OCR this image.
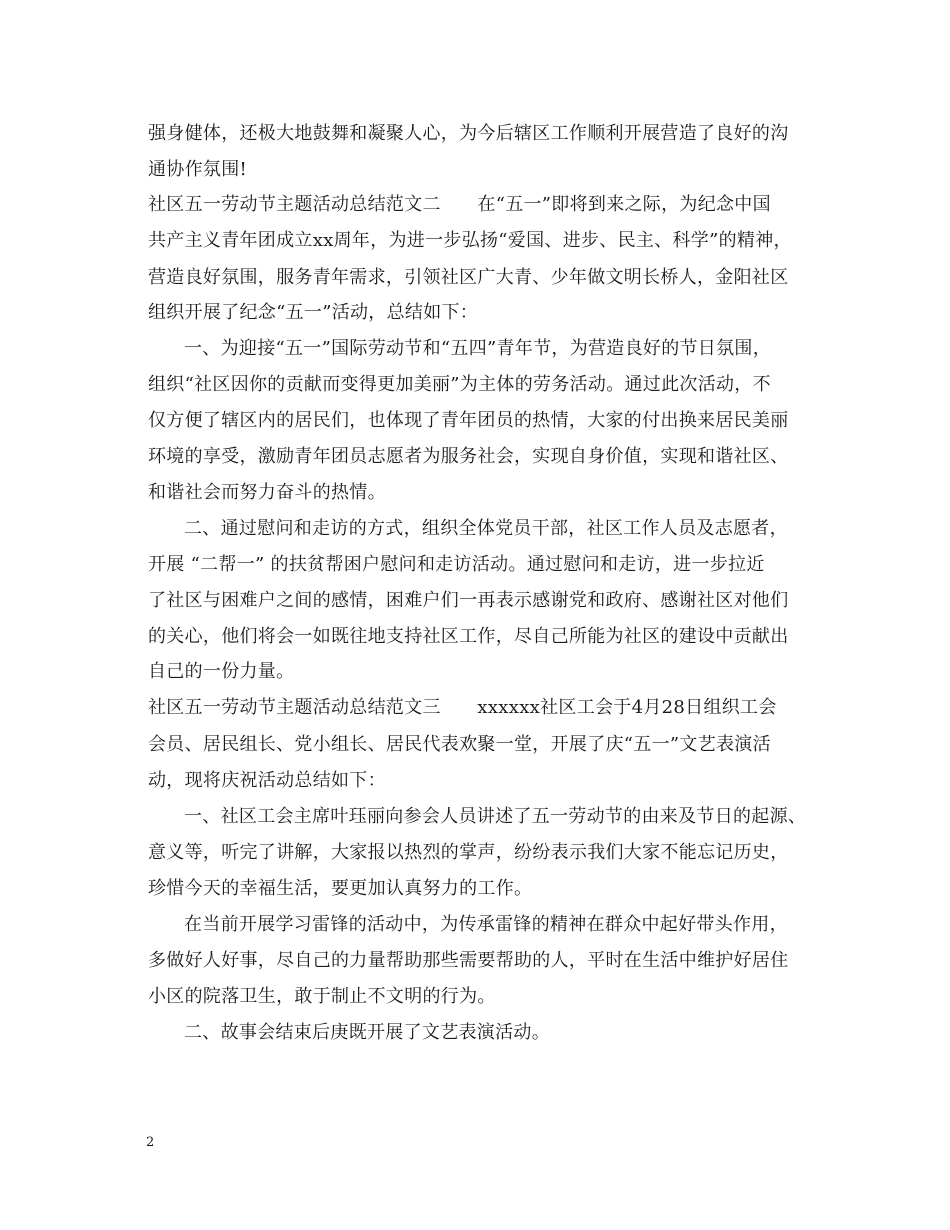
强身健体，还极大地鼓舞和凝聚人心，为今后辖区工作顺利开展营造了良好的沟
通协作氛围!
社区五一劳动节主题活动总结范文二　　在“五一”即将到来之际，为纪念中国
共产主义青年团成立xx周年，为进一步弘扬“爱国、进步、民主、科学”的精神，
营造良好氛围，服务青年需求，引领社区广大青、少年做文明长桥人，金阳社区
组织开展了纪念“五一”活动，总结如下：
一、为迎接“五一”国际劳动节和“五四”青年节，为营造良好的节日氛围，
组织“社区因你的贡献而变得更加美丽”为主体的劳务活动。通过此次活动，不
仅方便了辖区内的居民们，也体现了青年团员的热情，大家的付出换来居民美丽
环境的享受，激励青年团员志愿者为服务社会，实现自身价值，实现和谐社区、
和谐社会而努力奋斗的热情。
二、通过慰问和走访的方式，组织全体党员干部，社区工作人员及志愿者，
开展 “二帮一” 的扶贫帮困户慰问和走访活动。通过慰问和走访，进一步拉近
了社区与困难户之间的感情，困难户们一再表示感谢党和政府、感谢社区对他们
的关心，他们将会一如既往地支持社区工作，尽自己所能为社区的建设中贡献出
自己的一份力量。
社区五一劳动节主题活动总结范文三　　xxxxxx社区工会于4月28日组织工会
会员、居民组长、党小组长、居民代表欢聚一堂，开展了庆“五一”文艺表演活
动，现将庆祝活动总结如下：
一、社区工会主席叶珏丽向参会人员讲述了五一劳动节的由来及节日的起源、
意义等，听完了讲解，大家报以热烈的掌声，纷纷表示我们大家不能忘记历史，
珍惜今天的幸福生活，要更加认真努力的工作。
在当前开展学习雷锋的活动中，为传承雷锋的精神在群众中起好带头作用，
多做好人好事，尽自己的力量帮助那些需要帮助的人，平时在生活中维护好居住
小区的院落卫生，敢于制止不文明的行为。
二、故事会结束后庚既开展了文艺表演活动。
2
